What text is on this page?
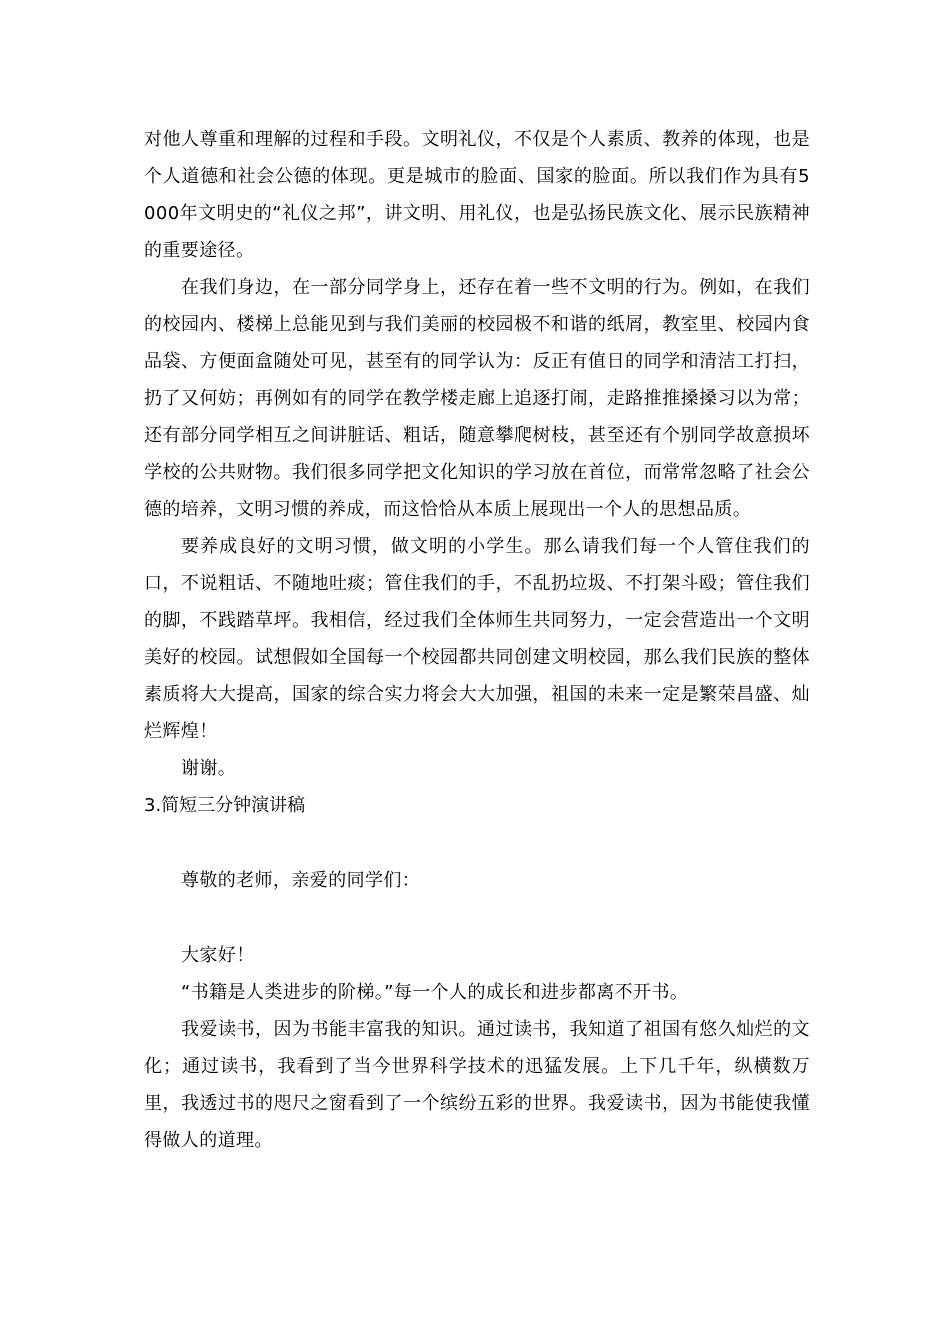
对他人尊重和理解的过程和手段。文明礼仪，不仅是个人素质、教养的体现，也是个人道德和社会公德的体现。更是城市的脸面、国家的脸面。所以我们作为具有5000年文明史的“礼仪之邦”，讲文明、用礼仪，也是弘扬民族文化、展示民族精神的重要途径。

在我们身边，在一部分同学身上，还存在着一些不文明的行为。例如，在我们的校园内、楼梯上总能见到与我们美丽的校园极不和谐的纸屑，教室里、校园内食品袋、方便面盒随处可见，甚至有的同学认为：反正有值日的同学和清洁工打扫，扔了又何妨；再例如有的同学在教学楼走廊上追逐打闹，走路推推搡搡习以为常；还有部分同学相互之间讲脏话、粗话，随意攀爬树枝，甚至还有个别同学故意损坏学校的公共财物。我们很多同学把文化知识的学习放在首位，而常常忽略了社会公德的培养，文明习惯的养成，而这恰恰从本质上展现出一个人的思想品质。

要养成良好的文明习惯，做文明的小学生。那么请我们每一个人管住我们的口，不说粗话、不随地吐痰；管住我们的手，不乱扔垃圾、不打架斗殴；管住我们的脚，不践踏草坪。我相信，经过我们全体师生共同努力，一定会营造出一个文明美好的校园。试想假如全国每一个校园都共同创建文明校园，那么我们民族的整体素质将大大提高，国家的综合实力将会大大加强，祖国的未来一定是繁荣昌盛、灿烂辉煌！

谢谢。

3.简短三分钟演讲稿

尊敬的老师，亲爱的同学们：

大家好！

“书籍是人类进步的阶梯。”每一个人的成长和进步都离不开书。

我爱读书，因为书能丰富我的知识。通过读书，我知道了祖国有悠久灿烂的文化；通过读书，我看到了当今世界科学技术的迅猛发展。上下几千年，纵横数万里，我透过书的咫尺之窗看到了一个缤纷五彩的世界。我爱读书，因为书能使我懂得做人的道理。
